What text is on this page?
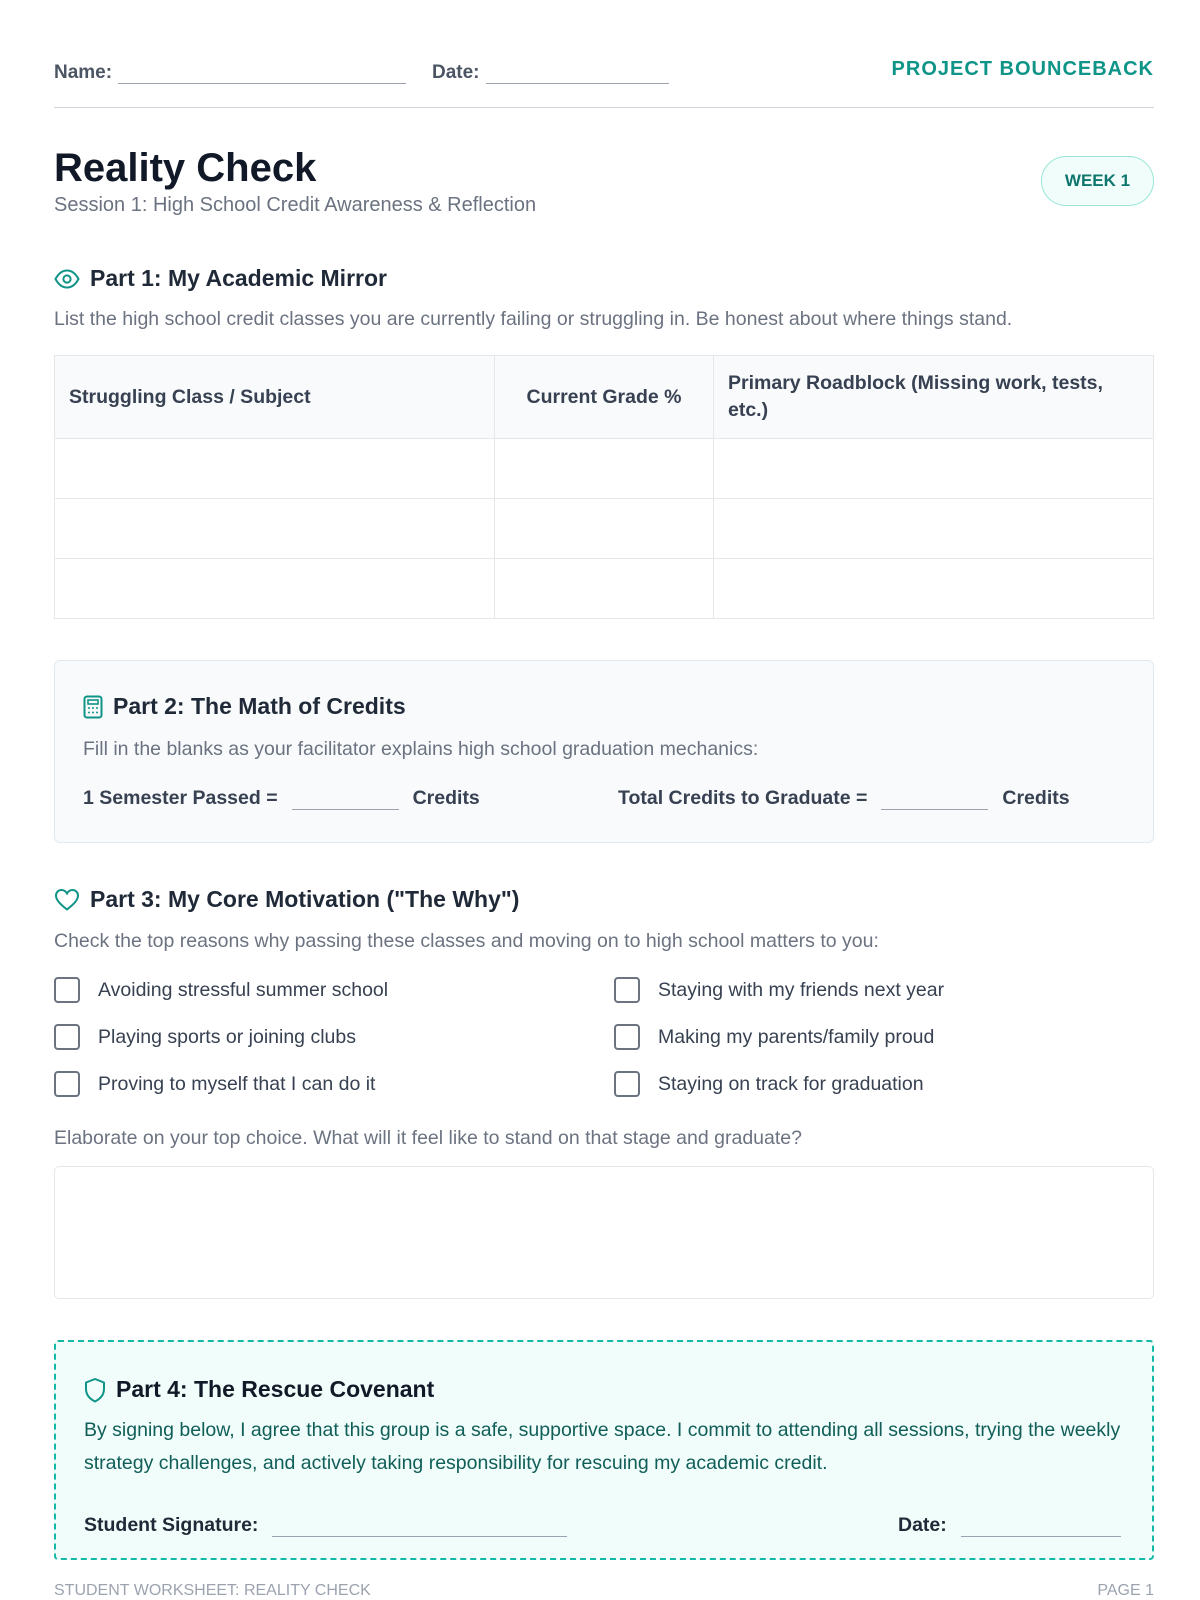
Name:	Date:	PROJECT BOUNCEBACK
Reality Check
Session 1: High School Credit Awareness & Reflection
WEEK 1
Part 1: My Academic Mirror
List the high school credit classes you are currently failing or struggling in. Be honest about where things stand.
Struggling Class / Subject	Current Grade %	Primary Roadblock (Missing work, tests, etc.)

Part 2: The Math of Credits
Fill in the blanks as your facilitator explains high school graduation mechanics:
1 Semester Passed =	Credits	Total Credits to Graduate =	Credits
Part 3: My Core Motivation ("The Why")
Check the top reasons why passing these classes and moving on to high school matters to you:
Avoiding stressful summer school	Staying with my friends next year
Playing sports or joining clubs	Making my parents/family proud
Proving to myself that I can do it	Staying on track for graduation
Elaborate on your top choice. What will it feel like to stand on that stage and graduate?
Part 4: The Rescue Covenant
By signing below, I agree that this group is a safe, supportive space. I commit to attending all sessions, trying the weekly strategy challenges, and actively taking responsibility for rescuing my academic credit.
Student Signature:	Date:
STUDENT WORKSHEET: REALITY CHECK	PAGE 1
